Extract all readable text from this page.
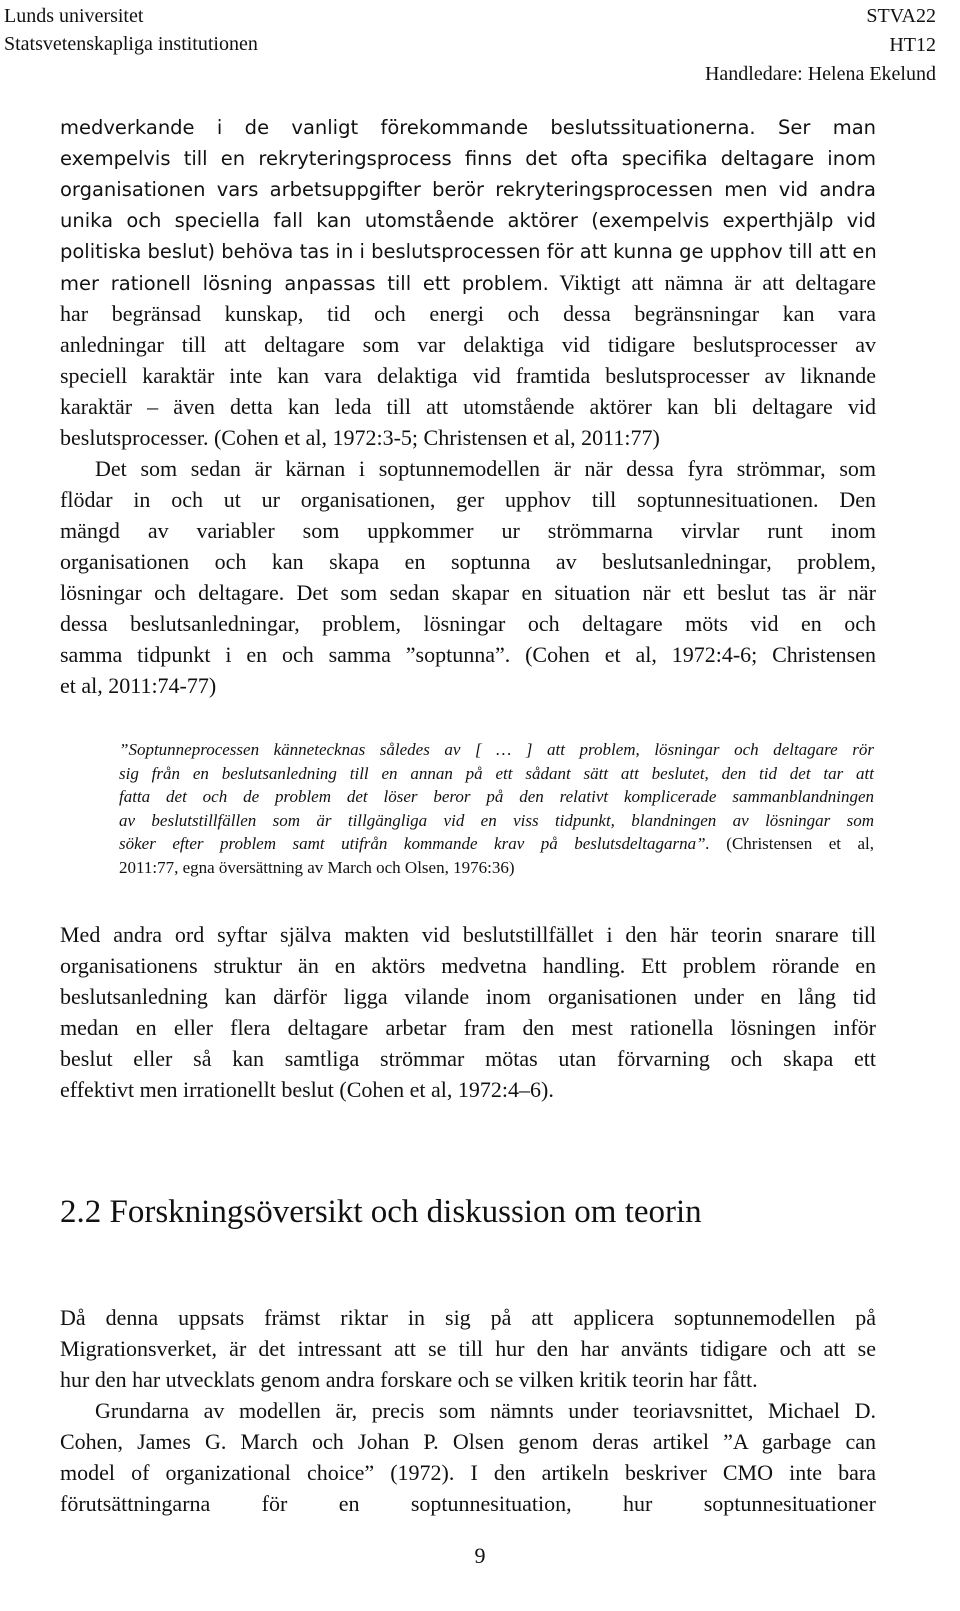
Lunds universitet
Statsvetenskapliga institutionen
STVA22
HT12
Handledare: Helena Ekelund
medverkande i de vanligt förekommande beslutssituationerna. Ser man
exempelvis till en rekryteringsprocess finns det ofta specifika deltagare inom
organisationen vars arbetsuppgifter berör rekryteringsprocessen men vid andra
unika och speciella fall kan utomstående aktörer (exempelvis experthjälp vid
politiska beslut) behöva tas in i beslutsprocessen för att kunna ge upphov till att en
mer rationell lösning anpassas till ett problem. Viktigt att nämna är att deltagare
har begränsad kunskap, tid och energi och dessa begränsningar kan vara
anledningar till att deltagare som var delaktiga vid tidigare beslutsprocesser av
speciell karaktär inte kan vara delaktiga vid framtida beslutsprocesser av liknande
karaktär – även detta kan leda till att utomstående aktörer kan bli deltagare vid
beslutsprocesser. (Cohen et al, 1972:3-5; Christensen et al, 2011:77)
Det som sedan är kärnan i soptunnemodellen är när dessa fyra strömmar, som
flödar in och ut ur organisationen, ger upphov till soptunnesituationen. Den
mängd av variabler som uppkommer ur strömmarna virvlar runt inom
organisationen och kan skapa en soptunna av beslutsanledningar, problem,
lösningar och deltagare. Det som sedan skapar en situation när ett beslut tas är när
dessa beslutsanledningar, problem, lösningar och deltagare möts vid en och
samma tidpunkt i en och samma ”soptunna”. (Cohen et al, 1972:4-6; Christensen
et al, 2011:74-77)
”Soptunneprocessen kännetecknas således av [ … ] att problem, lösningar och deltagare rör
sig från en beslutsanledning till en annan på ett sådant sätt att beslutet, den tid det tar att
fatta det och de problem det löser beror på den relativt komplicerade sammanblandningen
av beslutstillfällen som är tillgängliga vid en viss tidpunkt, blandningen av lösningar som
söker efter problem samt utifrån kommande krav på beslutsdeltagarna”. (Christensen et al,
2011:77, egna översättning av March och Olsen, 1976:36)
Med andra ord syftar själva makten vid beslutstillfället i den här teorin snarare till
organisationens struktur än en aktörs medvetna handling. Ett problem rörande en
beslutsanledning kan därför ligga vilande inom organisationen under en lång tid
medan en eller flera deltagare arbetar fram den mest rationella lösningen inför
beslut eller så kan samtliga strömmar mötas utan förvarning och skapa ett
effektivt men irrationellt beslut (Cohen et al, 1972:4–6).
2.2 Forskningsöversikt och diskussion om teorin
Då denna uppsats främst riktar in sig på att applicera soptunnemodellen på
Migrationsverket, är det intressant att se till hur den har använts tidigare och att se
hur den har utvecklats genom andra forskare och se vilken kritik teorin har fått.
Grundarna av modellen är, precis som nämnts under teoriavsnittet, Michael D.
Cohen, James G. March och Johan P. Olsen genom deras artikel ”A garbage can
model of organizational choice” (1972). I den artikeln beskriver CMO inte bara
förutsättningarna för en soptunnesituation, hur soptunnesituationer
9
